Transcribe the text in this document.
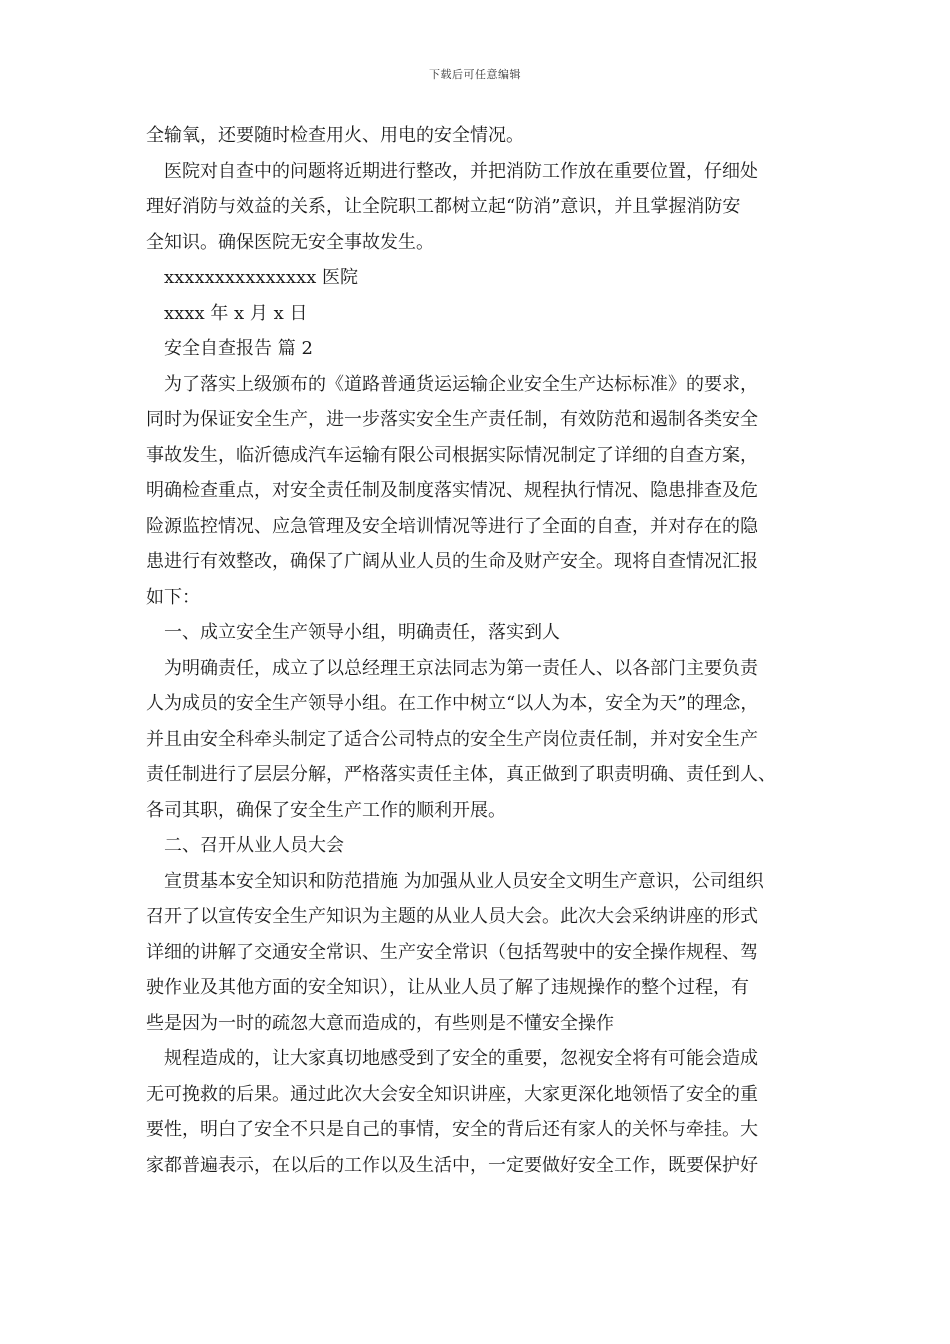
下载后可任意编辑

全输氧，还要随时检查用火、用电的安全情况。

医院对自查中的问题将近期进行整改，并把消防工作放在重要位置，仔细处
理好消防与效益的关系，让全院职工都树立起“防消”意识，并且掌握消防安
全知识。确保医院无安全事故发生。

xxxxxxxxxxxxxxx 医院

xxxx 年 x 月 x 日

安全自查报告 篇 2

为了落实上级颁布的《道路普通货运运输企业安全生产达标标准》的要求，
同时为保证安全生产，进一步落实安全生产责任制，有效防范和遏制各类安全
事故发生，临沂德成汽车运输有限公司根据实际情况制定了详细的自查方案，
明确检查重点，对安全责任制及制度落实情况、规程执行情况、隐患排查及危
险源监控情况、应急管理及安全培训情况等进行了全面的自查，并对存在的隐
患进行有效整改，确保了广阔从业人员的生命及财产安全。现将自查情况汇报
如下：

一、成立安全生产领导小组，明确责任，落实到人

为明确责任，成立了以总经理王京法同志为第一责任人、以各部门主要负责
人为成员的安全生产领导小组。在工作中树立“以人为本，安全为天”的理念，
并且由安全科牵头制定了适合公司特点的安全生产岗位责任制，并对安全生产
责任制进行了层层分解，严格落实责任主体，真正做到了职责明确、责任到人、
各司其职，确保了安全生产工作的顺利开展。

二、召开从业人员大会

宣贯基本安全知识和防范措施 为加强从业人员安全文明生产意识，公司组织
召开了以宣传安全生产知识为主题的从业人员大会。此次大会采纳讲座的形式
详细的讲解了交通安全常识、生产安全常识（包括驾驶中的安全操作规程、驾
驶作业及其他方面的安全知识），让从业人员了解了违规操作的整个过程，有
些是因为一时的疏忽大意而造成的，有些则是不懂安全操作

规程造成的，让大家真切地感受到了安全的重要，忽视安全将有可能会造成
无可挽救的后果。通过此次大会安全知识讲座，大家更深化地领悟了安全的重
要性，明白了安全不只是自己的事情，安全的背后还有家人的关怀与牵挂。大
家都普遍表示，在以后的工作以及生活中，一定要做好安全工作，既要保护好
